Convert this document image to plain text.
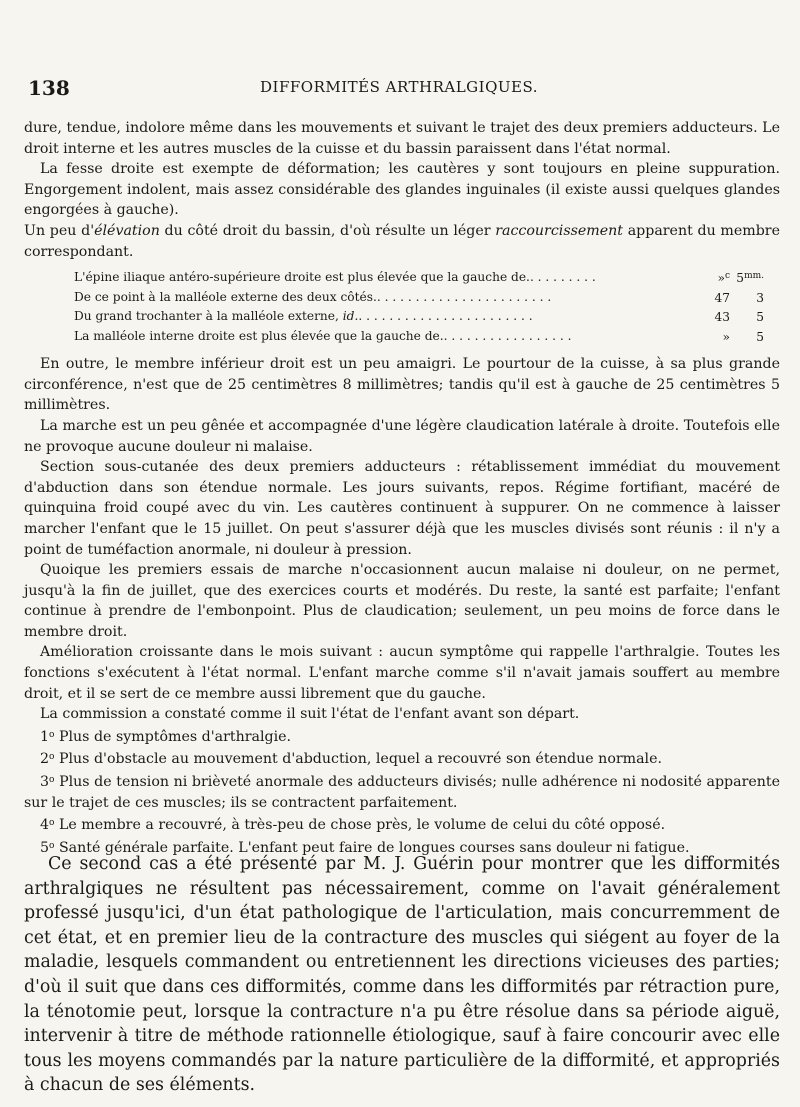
138	DIFFORMITÉS ARTHRALGIQUES.

dure, tendue, indolore même dans les mouvements et suivant le trajet des deux premiers adducteurs. Le droit interne et les autres muscles de la cuisse et du bassin paraissent dans l'état normal.

La fesse droite est exempte de déformation; les cautères y sont toujours en pleine suppuration. Engorgement indolent, mais assez considérable des glandes inguinales (il existe aussi quelques glandes engorgées à gauche).

Un peu d'élévation du côté droit du bassin, d'où résulte un léger raccourcissement apparent du membre correspondant.

L'épine iliaque antéro-supérieure droite est plus élevée que la gauche de.. . . . . . . . .	»$^c$	$5^{mm.}$
De ce point à la malléole externe des deux côtés.. . . . . . . . . . . . . . . . . . . . . . .	47	3
Du grand trochanter à la malléole externe, id.. . . . . . . . . . . . . . . . . . . . . . .	43	5
La malléole interne droite est plus élevée que la gauche de.. . . . . . . . . . . . . . . . .	»	5

En outre, le membre inférieur droit est un peu amaigri. Le pourtour de la cuisse, à sa plus grande circonférence, n'est que de 25 centimètres 8 millimètres; tandis qu'il est à gauche de 25 centimètres 5 millimètres.

La marche est un peu gênée et accompagnée d'une légère claudication latérale à droite. Toutefois elle ne provoque aucune douleur ni malaise.

Section sous-cutanée des deux premiers adducteurs : rétablissement immédiat du mouvement d'abduction dans son étendue normale. Les jours suivants, repos. Régime fortifiant, macéré de quinquina froid coupé avec du vin. Les cautères continuent à suppurer. On ne commence à laisser marcher l'enfant que le 15 juillet. On peut s'assurer déjà que les muscles divisés sont réunis : il n'y a point de tuméfaction anormale, ni douleur à pression.

Quoique les premiers essais de marche n'occasionnent aucun malaise ni douleur, on ne permet, jusqu'à la fin de juillet, que des exercices courts et modérés. Du reste, la santé est parfaite; l'enfant continue à prendre de l'embonpoint. Plus de claudication; seulement, un peu moins de force dans le membre droit.

Amélioration croissante dans le mois suivant : aucun symptôme qui rappelle l'arthralgie. Toutes les fonctions s'exécutent à l'état normal. L'enfant marche comme s'il n'avait jamais souffert au membre droit, et il se sert de ce membre aussi librement que du gauche.

La commission a constaté comme il suit l'état de l'enfant avant son départ.

1$^o$ Plus de symptômes d'arthralgie.

2$^o$ Plus d'obstacle au mouvement d'abduction, lequel a recouvré son étendue normale.

3$^o$ Plus de tension ni brièveté anormale des adducteurs divisés; nulle adhérence ni nodosité apparente sur le trajet de ces muscles; ils se contractent parfaitement.

4$^o$ Le membre a recouvré, à très-peu de chose près, le volume de celui du côté opposé.

5$^o$ Santé générale parfaite. L'enfant peut faire de longues courses sans douleur ni fatigue.

Ce second cas a été présenté par M. J. Guérin pour montrer que les difformités arthralgiques ne résultent pas nécessairement, comme on l'avait généralement professé jusqu'ici, d'un état pathologique de l'articulation, mais concurremment de cet état, et en premier lieu de la contracture des muscles qui siégent au foyer de la maladie, lesquels commandent ou entretiennent les directions vicieuses des parties; d'où il suit que dans ces difformités, comme dans les difformités par rétraction pure, la ténotomie peut, lorsque la contracture n'a pu être résolue dans sa période aiguë, intervenir à titre de méthode rationnelle étiologique, sauf à faire concourir avec elle tous les moyens commandés par la nature particulière de la difformité, et appropriés à chacun de ses éléments.
